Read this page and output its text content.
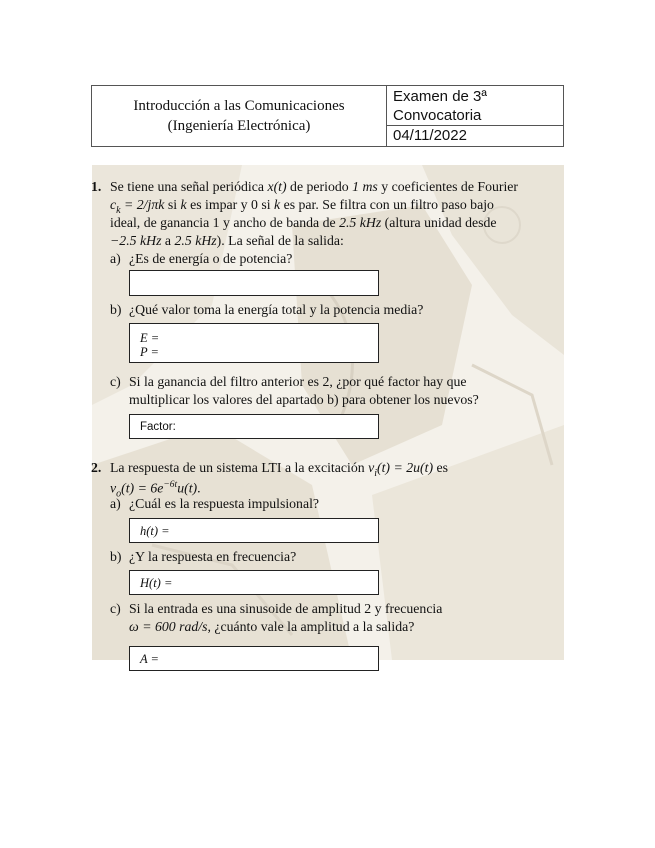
Introducción a las Comunicaciones
(Ingeniería Electrónica)
Examen de 3ª
Convocatoria
04/11/2022
1. Se tiene una señal periódica x(t) de periodo 1 ms y coeficientes de Fourier
$c_k = 2/j\pi k$ si k es impar y 0 si k es par. Se filtra con un filtro paso bajo
ideal, de ganancia 1 y ancho de banda de 2.5 kHz (altura unidad desde
−2.5 kHz a 2.5 kHz). La señal de la salida:
a) ¿Es de energía o de potencia?
b) ¿Qué valor toma la energía total y la potencia media?
E =
P =
c) Si la ganancia del filtro anterior es 2, ¿por qué factor hay que
multiplicar los valores del apartado b) para obtener los nuevos?
Factor:
2. La respuesta de un sistema LTI a la excitación $v_i(t) = 2u(t)$ es
$v_o(t) = 6e^{-6t}u(t)$.
a) ¿Cuál es la respuesta impulsional?
h(t) =
b) ¿Y la respuesta en frecuencia?
H(t) =
c) Si la entrada es una sinusoide de amplitud 2 y frecuencia
ω = 600 rad/s, ¿cuánto vale la amplitud a la salida?
A =
